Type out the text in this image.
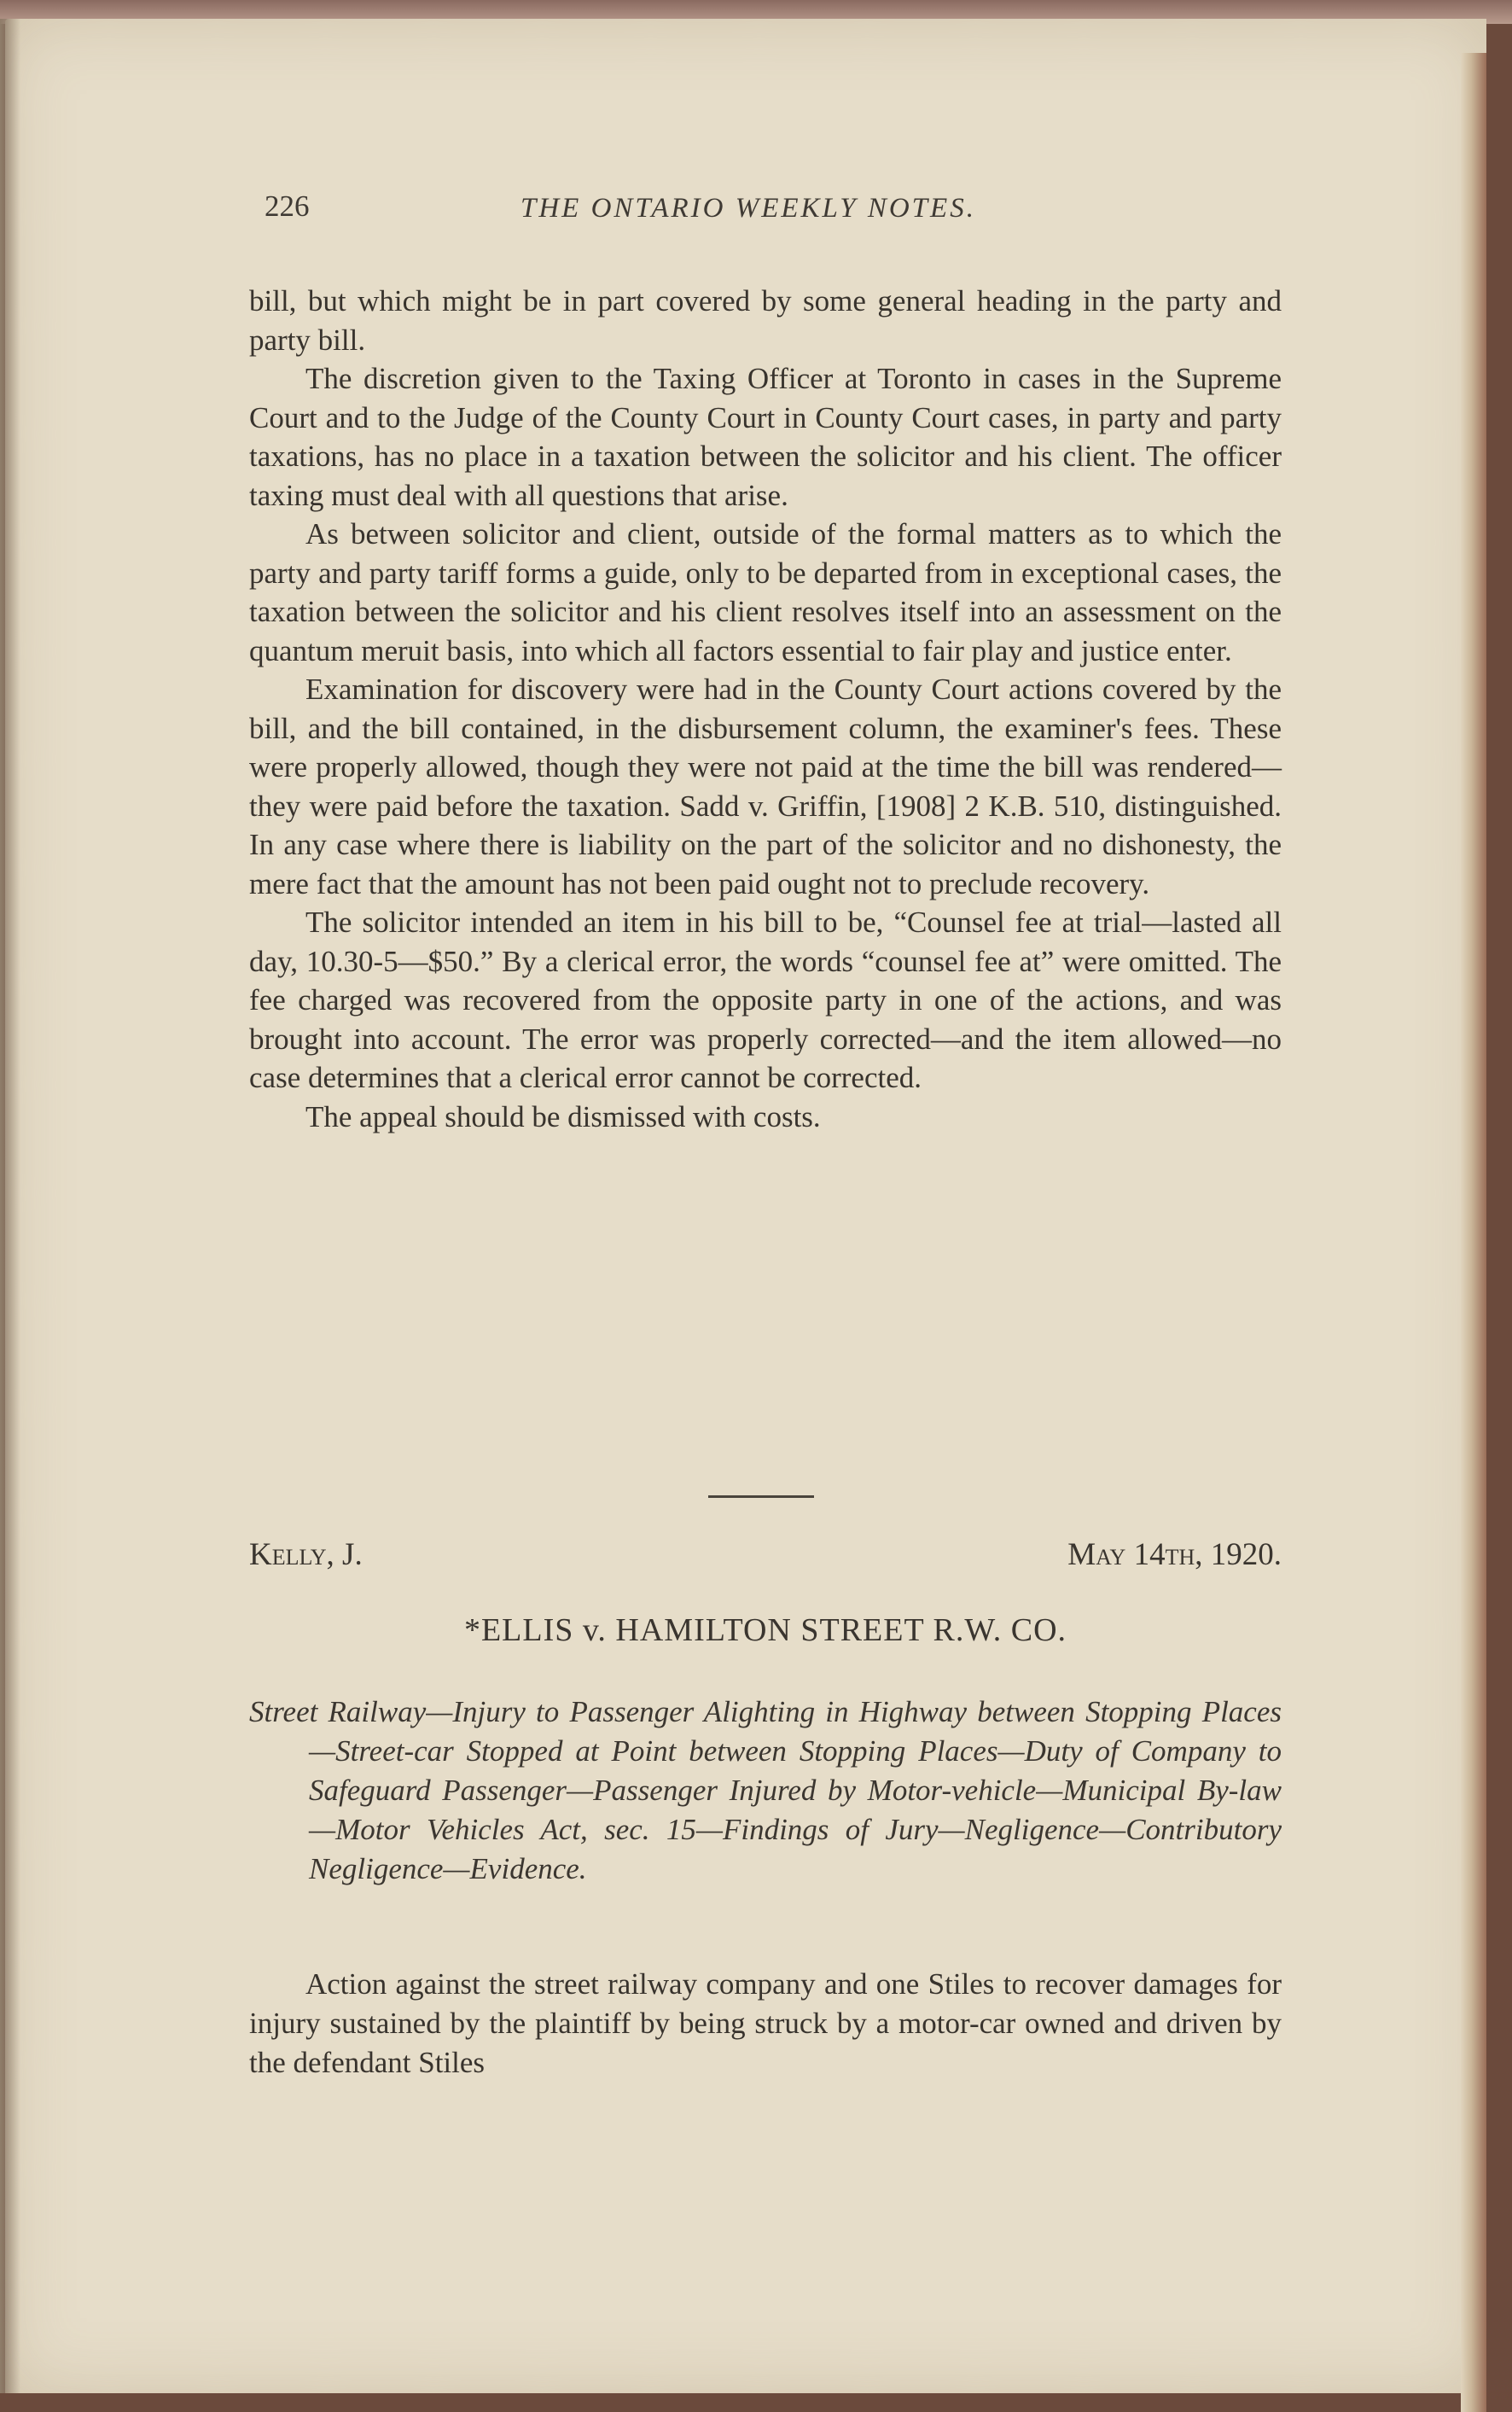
226	THE ONTARIO WEEKLY NOTES.

bill, but which might be in part covered by some general heading in the party and party bill.

The discretion given to the Taxing Officer at Toronto in cases in the Supreme Court and to the Judge of the County Court in County Court cases, in party and party taxations, has no place in a taxation between the solicitor and his client. The officer taxing must deal with all questions that arise.

As between solicitor and client, outside of the formal matters as to which the party and party tariff forms a guide, only to be departed from in exceptional cases, the taxation between the solicitor and his client resolves itself into an assessment on the quantum meruit basis, into which all factors essential to fair play and justice enter.

Examination for discovery were had in the County Court actions covered by the bill, and the bill contained, in the disbursement column, the examiner's fees. These were properly allowed, though they were not paid at the time the bill was rendered—they were paid before the taxation. Sadd v. Griffin, [1908] 2 K.B. 510, distinguished. In any case where there is liability on the part of the solicitor and no dishonesty, the mere fact that the amount has not been paid ought not to preclude recovery.

The solicitor intended an item in his bill to be, “Counsel fee at trial—lasted all day, 10.30-5—$50.” By a clerical error, the words “counsel fee at” were omitted. The fee charged was recovered from the opposite party in one of the actions, and was brought into account. The error was properly corrected—and the item allowed—no case determines that a clerical error cannot be corrected.

The appeal should be dismissed with costs.

Kelly, J.	May 14th, 1920.
*ELLIS v. HAMILTON STREET R.W. CO.
Street Railway—Injury to Passenger Alighting in Highway between Stopping Places—Street-car Stopped at Point between Stopping Places—Duty of Company to Safeguard Passenger—Passenger Injured by Motor-vehicle—Municipal By-law—Motor Vehicles Act, sec. 15—Findings of Jury—Negligence—Contributory Negligence—Evidence.
Action against the street railway company and one Stiles to recover damages for injury sustained by the plaintiff by being struck by a motor-car owned and driven by the defendant Stiles
